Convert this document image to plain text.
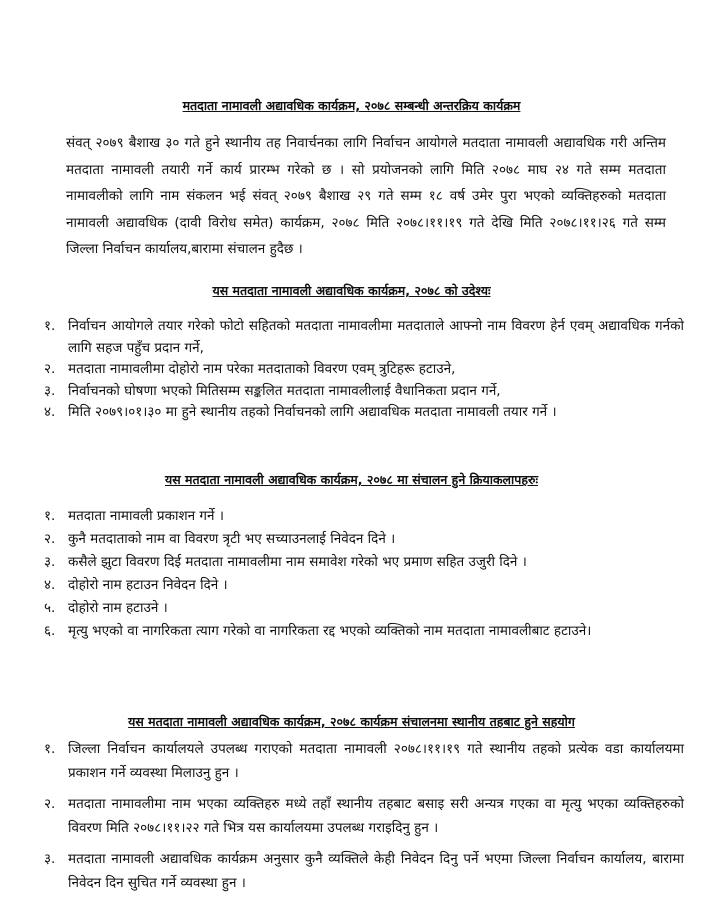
मतदाता नामावली अद्यावधिक कार्यक्रम, २०७८ सम्बन्धी अन्तरक्रिय कार्यक्रम

संवत् २०७९ बैशाख ३० गते हुने स्थानीय तह निवार्चनका लागि निर्वाचन आयोगले मतदाता नामावली अद्यावधिक गरी अन्तिम मतदाता नामावली तयारी गर्ने कार्य प्रारम्भ गरेको छ । सो प्रयोजनको लागि मिति २०७८ माघ २४ गते सम्म मतदाता नामावलीको लागि नाम संकलन भई संवत् २०७९ बैशाख २९ गते सम्म १८ वर्ष उमेर पुरा भएको व्यक्तिहरुको मतदाता नामावली अद्यावधिक (दावी विरोध समेत) कार्यक्रम, २०७८ मिति २०७८।११।१९ गते देखि मिति २०७८।११।२६ गते सम्म जिल्ला निर्वाचन कार्यालय,बारामा संचालन हुदैछ ।

यस मतदाता नामावली अद्यावधिक कार्यक्रम, २०७८ को उदेश्यः
१. निर्वाचन आयोगले तयार गरेको फोटो सहितको मतदाता नामावलीमा मतदाताले आफ्नो नाम विवरण हेर्न एवम् अद्यावधिक गर्नको लागि सहज पहुँच प्रदान गर्ने,
२. मतदाता नामावलीमा दोहोरो नाम परेका मतदाताको विवरण एवम् त्रुटिहरू हटाउने,
३. निर्वाचनको घोषणा भएको मितिसम्म सङ्कलित मतदाता नामावलीलाई वैधानिकता प्रदान गर्ने,
४. मिति २०७९।०१।३० मा हुने स्थानीय तहको निर्वाचनको लागि अद्यावधिक मतदाता नामावली तयार गर्ने ।
यस मतदाता नामावली अद्यावधिक कार्यक्रम, २०७८ मा संचालन हुने क्रियाकलापहरुः
१. मतदाता नामावली प्रकाशन गर्ने ।
२. कुनै मतदाताको नाम वा विवरण त्रृटी भए सच्याउनलाई निवेदन दिने ।
३. कसैले झुटा विवरण दिई मतदाता नामावलीमा नाम समावेश गरेको भए प्रमाण सहित उजुरी दिने ।
४. दोहोरो नाम हटाउन निवेदन दिने ।
५. दोहोरो नाम हटाउने ।
६. मृत्यु भएको वा नागरिकता त्याग गरेको वा नागरिकता रद्द भएको व्यक्तिको नाम मतदाता नामावलीबाट हटाउने।
यस मतदाता नामावली अद्यावधिक कार्यक्रम, २०७८ कार्यक्रम संचालनमा स्थानीय तहबाट हुने सहयोग
१. जिल्ला निर्वाचन कार्यालयले उपलब्ध गराएको मतदाता नामावली २०७८।११।१९ गते स्थानीय तहको प्रत्येक वडा कार्यालयमा प्रकाशन गर्ने व्यवस्था मिलाउनु हुन ।
२. मतदाता नामावलीमा नाम भएका व्यक्तिहरु मध्ये तहाँ स्थानीय तहबाट बसाइ सरी अन्यत्र गएका वा मृत्यु भएका व्यक्तिहरुको विवरण मिति २०७८।११।२२ गते भित्र यस कार्यालयमा उपलब्ध गराइदिनु हुन ।
३. मतदाता नामावली अद्यावधिक कार्यक्रम अनुसार कुनै व्यक्तिले केही निवेदन दिनु पर्ने भएमा जिल्ला निर्वाचन कार्यालय, बारामा निवेदन दिन सुचित गर्ने व्यवस्था हुन ।
